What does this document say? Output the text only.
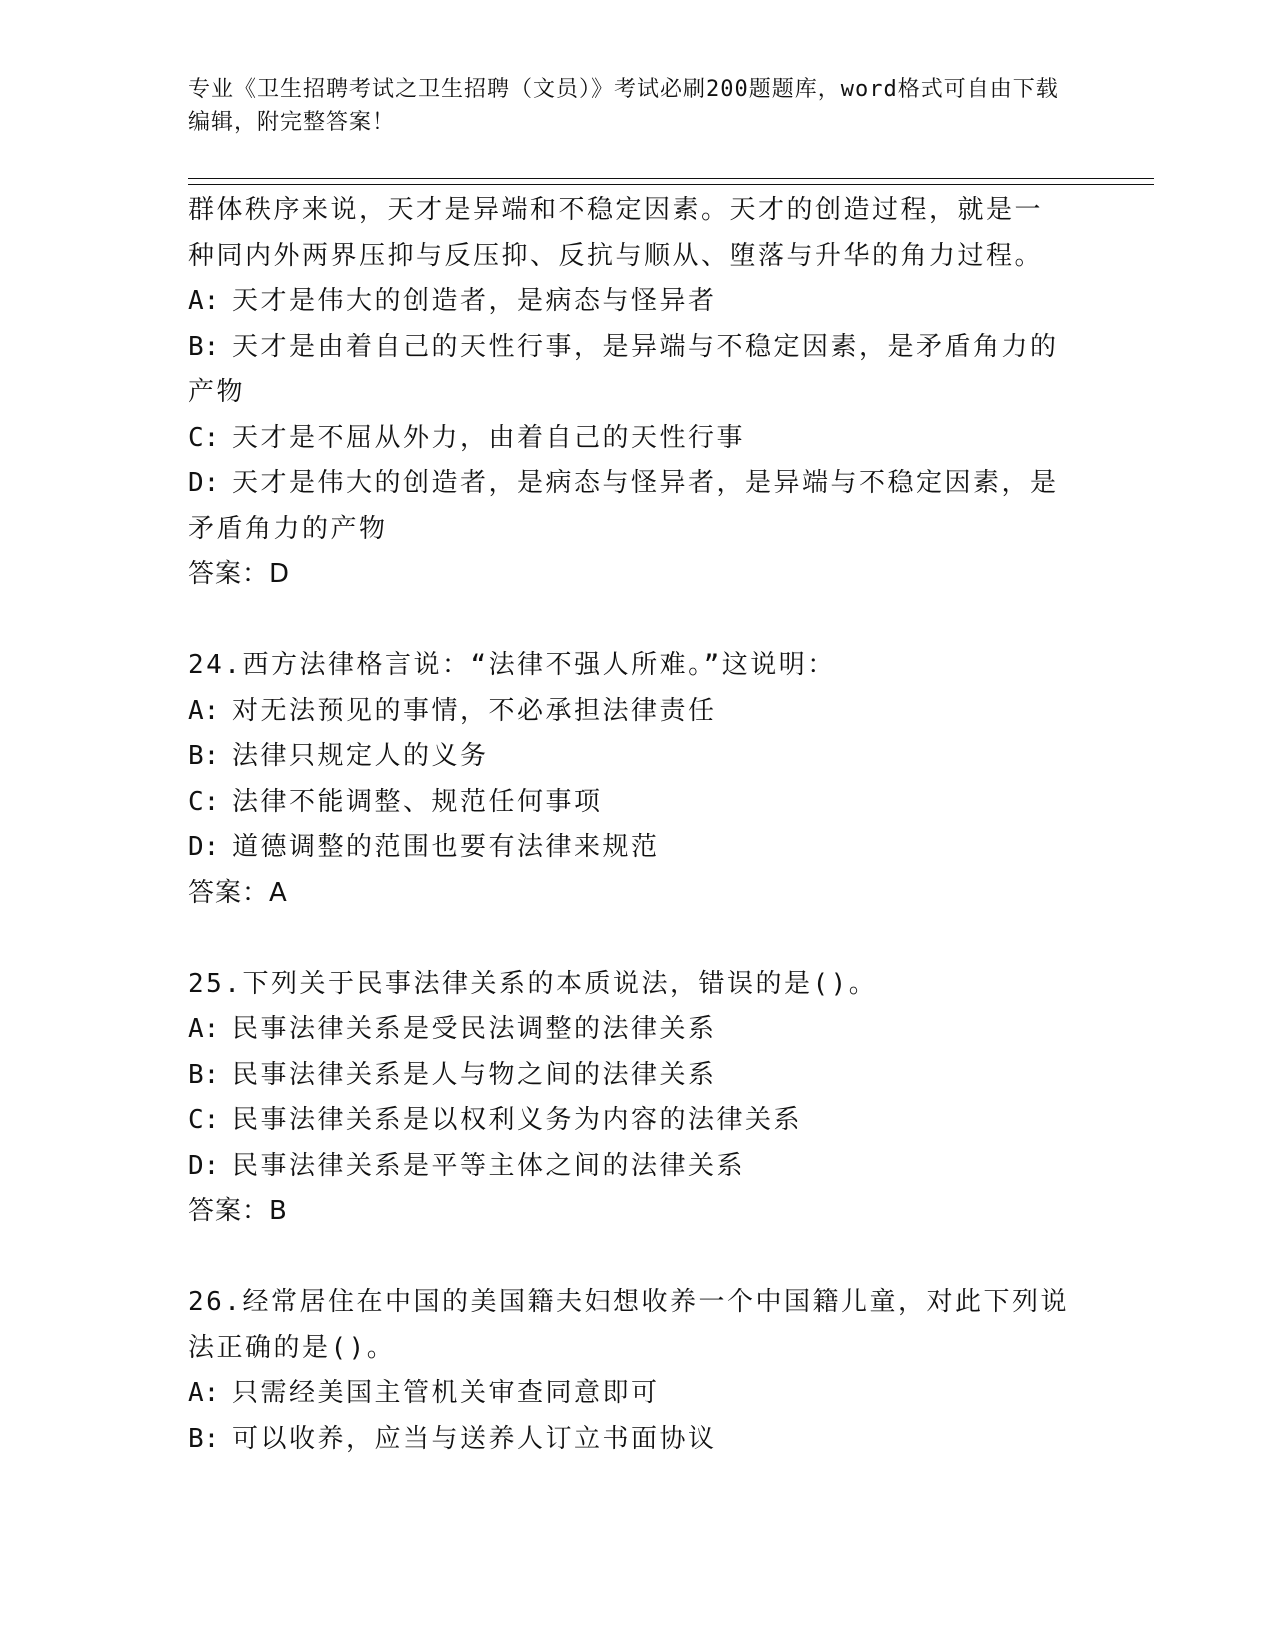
专业《卫生招聘考试之卫生招聘（文员）》考试必刷200题题库，word格式可自由下载编辑，附完整答案！
群体秩序来说，天才是异端和不稳定因素。天才的创造过程，就是一
种同内外两界压抑与反压抑、反抗与顺从、堕落与升华的角力过程。
A: 天才是伟大的创造者，是病态与怪异者
B: 天才是由着自己的天性行事，是异端与不稳定因素，是矛盾角力的
产物
C: 天才是不屈从外力，由着自己的天性行事
D: 天才是伟大的创造者，是病态与怪异者，是异端与不稳定因素，是
矛盾角力的产物
答案：D
24.西方法律格言说：“法律不强人所难。”这说明：
A: 对无法预见的事情，不必承担法律责任
B: 法律只规定人的义务
C: 法律不能调整、规范任何事项
D: 道德调整的范围也要有法律来规范
答案：A
25.下列关于民事法律关系的本质说法，错误的是()。
A: 民事法律关系是受民法调整的法律关系
B: 民事法律关系是人与物之间的法律关系
C: 民事法律关系是以权利义务为内容的法律关系
D: 民事法律关系是平等主体之间的法律关系
答案：B
26.经常居住在中国的美国籍夫妇想收养一个中国籍儿童，对此下列说
法正确的是()。
A: 只需经美国主管机关审查同意即可
B: 可以收养，应当与送养人订立书面协议
